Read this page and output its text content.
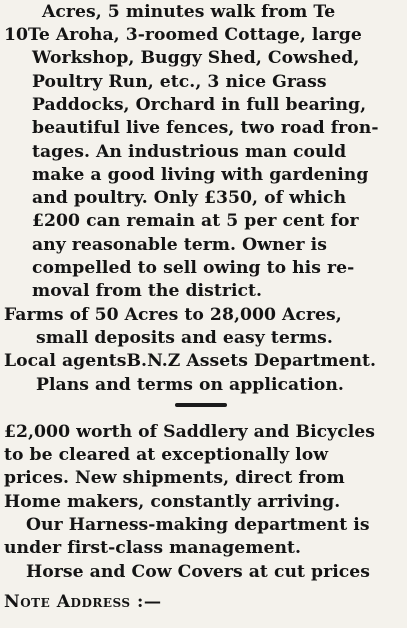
Acres, 5 minutes walk from Te
10Te Aroha, 3-roomed Cottage, large
Workshop, Buggy Shed, Cowshed,
Poultry Run, etc., 3 nice Grass
Paddocks, Orchard in full bearing,
beautiful live fences, two road fron-
tages. An industrious man could
make a good living with gardening
and poultry. Only £350, of which
£200 can remain at 5 per cent for
any reasonable term. Owner is
compelled to sell owing to his re-
moval from the district.
Farms of 50 Acres to 28,000 Acres,
small deposits and easy terms.
Local agentsB.N.Z Assets Department.
Plans and terms on application.
£2,000 worth of Saddlery and Bicycles
to be cleared at exceptionally low
prices. New shipments, direct from
Home makers, constantly arriving.
Our Harness-making department is
under first-class management.
Horse and Cow Covers at cut prices
Note Address :—
